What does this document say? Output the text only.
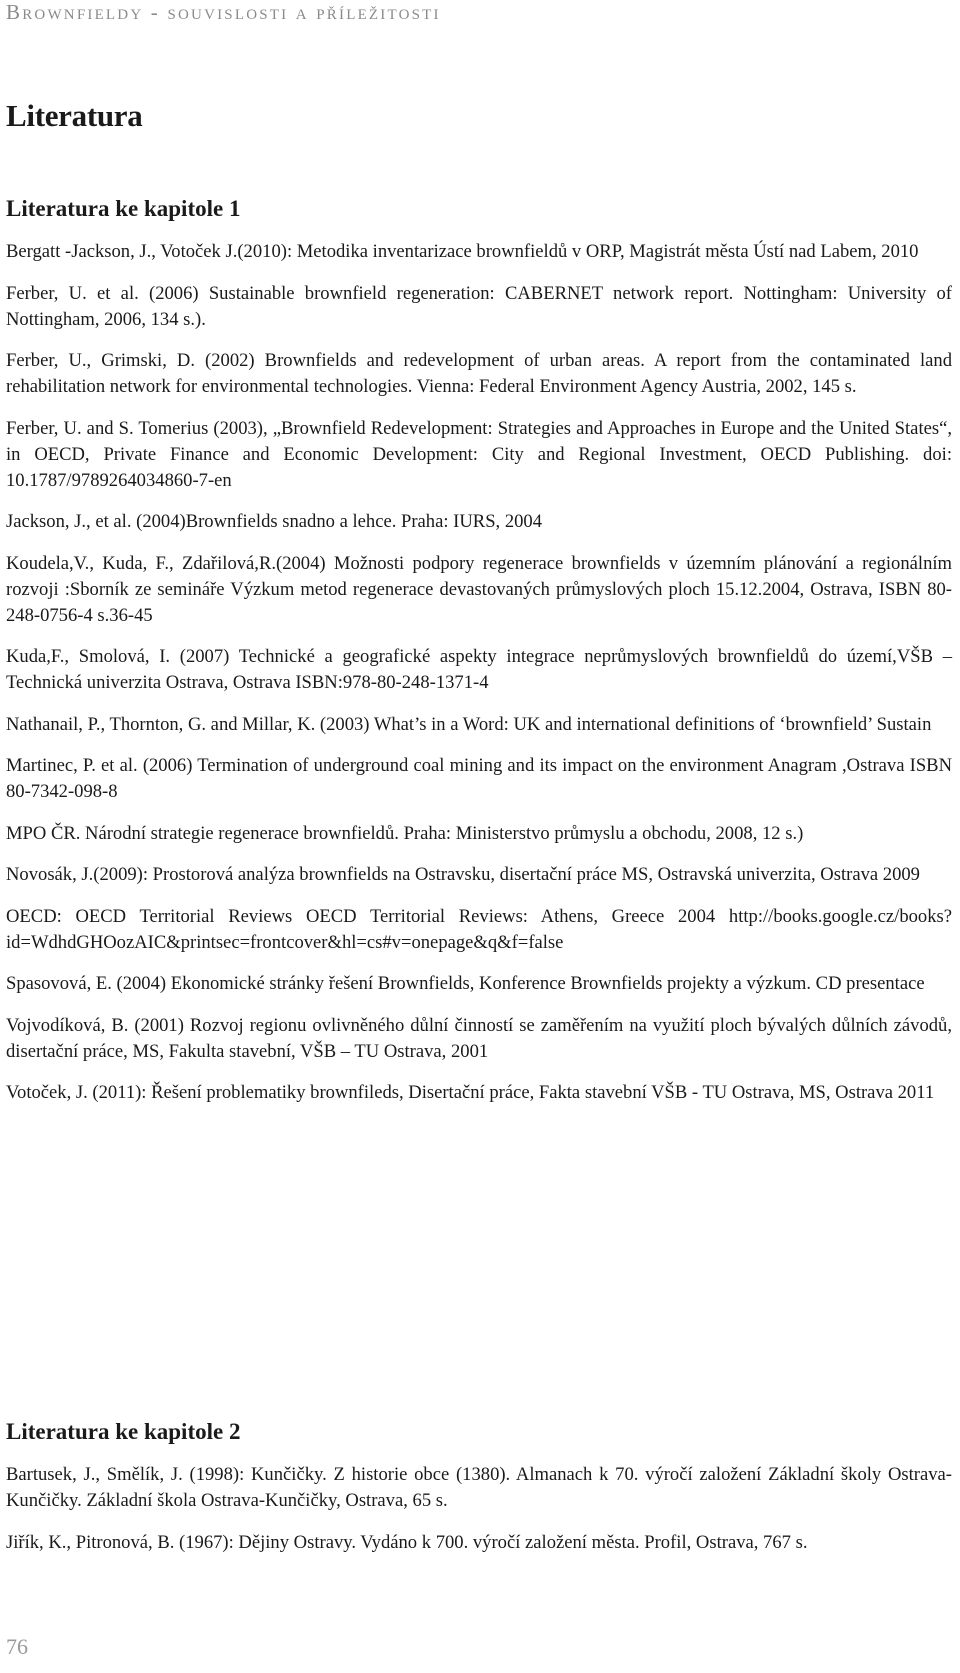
Brownfieldy - souvislosti a příležitosti
Literatura
Literatura ke kapitole 1
Bergatt -Jackson, J., Votoček J.(2010): Metodika inventarizace brownfieldů v ORP, Magistrát města Ústí nad Labem, 2010
Ferber, U. et al. (2006) Sustainable brownfield regeneration: CABERNET network report. Nottingham: University of Nottingham, 2006, 134 s.).
Ferber, U., Grimski, D. (2002) Brownfields and redevelopment of urban areas. A report from the contaminated land rehabilitation network for environmental technologies. Vienna: Federal Environment Agency Austria, 2002, 145 s.
Ferber, U. and S. Tomerius (2003), „Brownfield Redevelopment: Strategies and Approaches in Europe and the United States“, in OECD, Private Finance and Economic Development: City and Regional Investment, OECD Publishing. doi: 10.1787/9789264034860-7-en
Jackson, J., et al. (2004)Brownfields snadno a lehce. Praha: IURS, 2004
Koudela,V., Kuda, F., Zdařilová,R.(2004) Možnosti podpory regenerace brownfields v územním plánování a regionálním rozvoji :Sborník ze semináře Výzkum metod regenerace devastovaných průmyslových ploch 15.12.2004, Ostrava, ISBN 80-248-0756-4 s.36-45
Kuda,F., Smolová, I. (2007) Technické a geografické aspekty integrace neprůmyslových brownfieldů do území,VŠB – Technická univerzita Ostrava, Ostrava ISBN:978-80-248-1371-4
Nathanail, P., Thornton, G. and Millar, K. (2003) What’s in a Word: UK and international definitions of ‘brownfield’ Sustain
Martinec, P. et al. (2006) Termination of underground coal mining and its impact on the environment Anagram ,Ostrava ISBN 80-7342-098-8
MPO ČR. Národní strategie regenerace brownfieldů. Praha: Ministerstvo průmyslu a obchodu, 2008, 12 s.)
Novosák, J.(2009): Prostorová analýza brownfields na Ostravsku, disertační práce MS, Ostravská univerzita, Ostrava 2009
OECD: OECD Territorial Reviews OECD Territorial Reviews: Athens, Greece 2004 http://books.google.cz/books?id=WdhdGHOozAIC&printsec=frontcover&hl=cs#v=onepage&q&f=false
Spasovová, E. (2004) Ekonomické stránky řešení Brownfields, Konference Brownfields projekty a výzkum. CD presentace
Vojvodíková, B. (2001) Rozvoj regionu ovlivněného důlní činností se zaměřením na využití ploch bývalých důlních závodů, disertační práce, MS, Fakulta stavební, VŠB – TU Ostrava, 2001
Votoček, J. (2011): Řešení problematiky brownfileds, Disertační práce, Fakta stavební VŠB - TU Ostrava, MS, Ostrava 2011
Literatura ke kapitole 2
Bartusek, J., Smělík, J. (1998): Kunčičky. Z historie obce (1380). Almanach k 70. výročí založení Základní školy Ostrava-Kunčičky. Základní škola Ostrava-Kunčičky, Ostrava, 65 s.
Jiřík, K., Pitronová, B. (1967): Dějiny Ostravy. Vydáno k 700. výročí založení města. Profil, Ostrava, 767 s.
76
